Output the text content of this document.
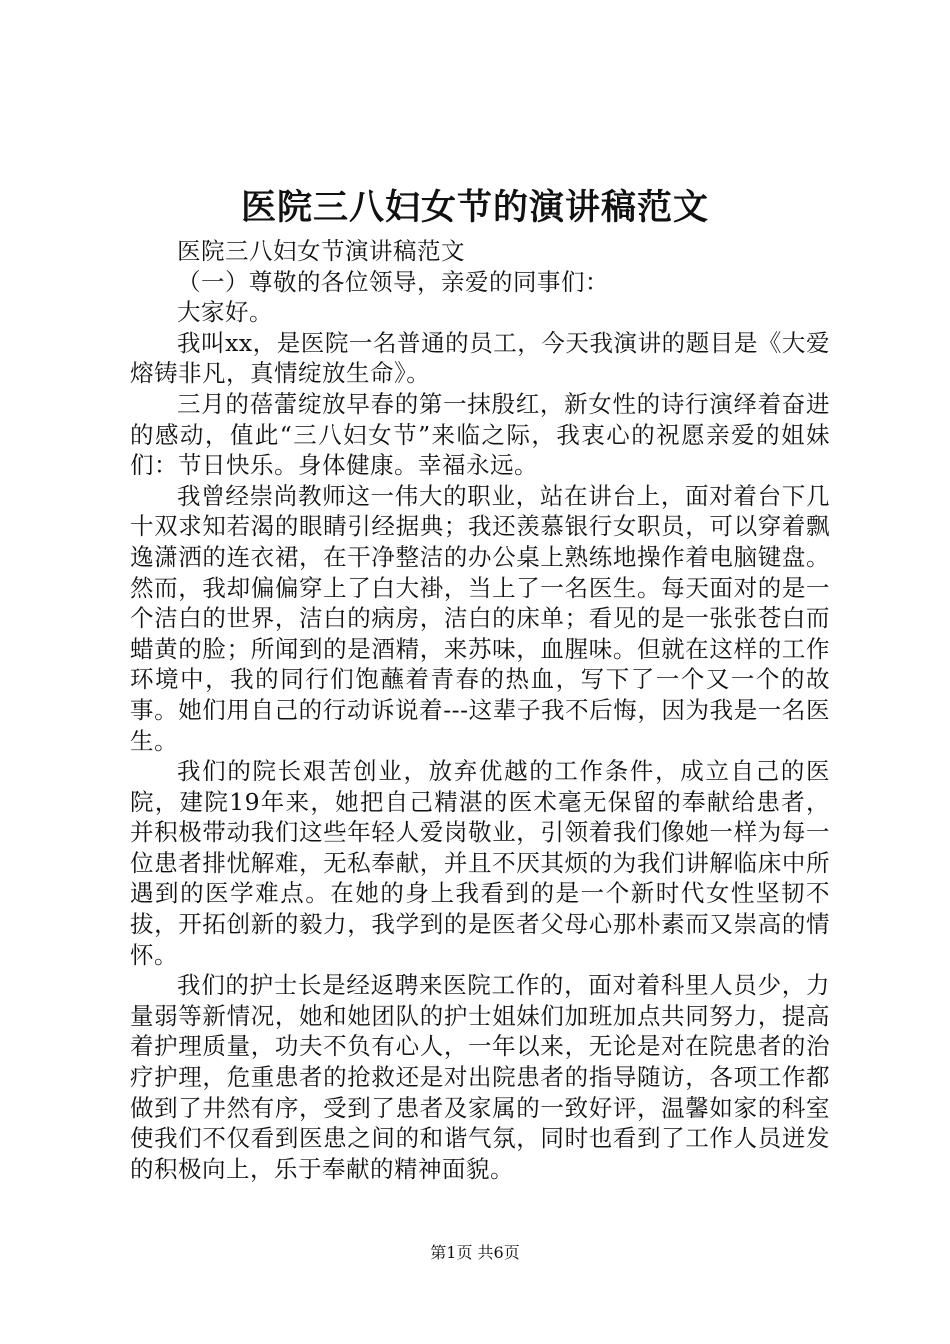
医院三八妇女节的演讲稿范文

医院三八妇女节演讲稿范文

（一）尊敬的各位领导，亲爱的同事们：

大家好。

我叫xx，是医院一名普通的员工，今天我演讲的题目是《大爱熔铸非凡，真情绽放生命》。

三月的蓓蕾绽放早春的第一抹殷红，新女性的诗行演绎着奋进的感动，值此“三八妇女节”来临之际，我衷心的祝愿亲爱的姐妹们：节日快乐。身体健康。幸福永远。

我曾经崇尚教师这一伟大的职业，站在讲台上，面对着台下几十双求知若渴的眼睛引经据典；我还羡慕银行女职员，可以穿着飘逸潇洒的连衣裙，在干净整洁的办公桌上熟练地操作着电脑键盘。然而，我却偏偏穿上了白大褂，当上了一名医生。每天面对的是一个洁白的世界，洁白的病房，洁白的床单；看见的是一张张苍白而蜡黄的脸；所闻到的是酒精，来苏味，血腥味。但就在这样的工作环境中，我的同行们饱蘸着青春的热血，写下了一个又一个的故事。她们用自己的行动诉说着---这辈子我不后悔，因为我是一名医生。

我们的院长艰苦创业，放弃优越的工作条件，成立自己的医院，建院19年来，她把自己精湛的医术毫无保留的奉献给患者，并积极带动我们这些年轻人爱岗敬业，引领着我们像她一样为每一位患者排忧解难，无私奉献，并且不厌其烦的为我们讲解临床中所遇到的医学难点。在她的身上我看到的是一个新时代女性坚韧不拔，开拓创新的毅力，我学到的是医者父母心那朴素而又崇高的情怀。

我们的护士长是经返聘来医院工作的，面对着科里人员少，力量弱等新情况，她和她团队的护士姐妹们加班加点共同努力，提高着护理质量，功夫不负有心人，一年以来，无论是对在院患者的治疗护理，危重患者的抢救还是对出院患者的指导随访，各项工作都做到了井然有序，受到了患者及家属的一致好评，温馨如家的科室使我们不仅看到医患之间的和谐气氛，同时也看到了工作人员迸发的积极向上，乐于奉献的精神面貌。

第1页 共6页
